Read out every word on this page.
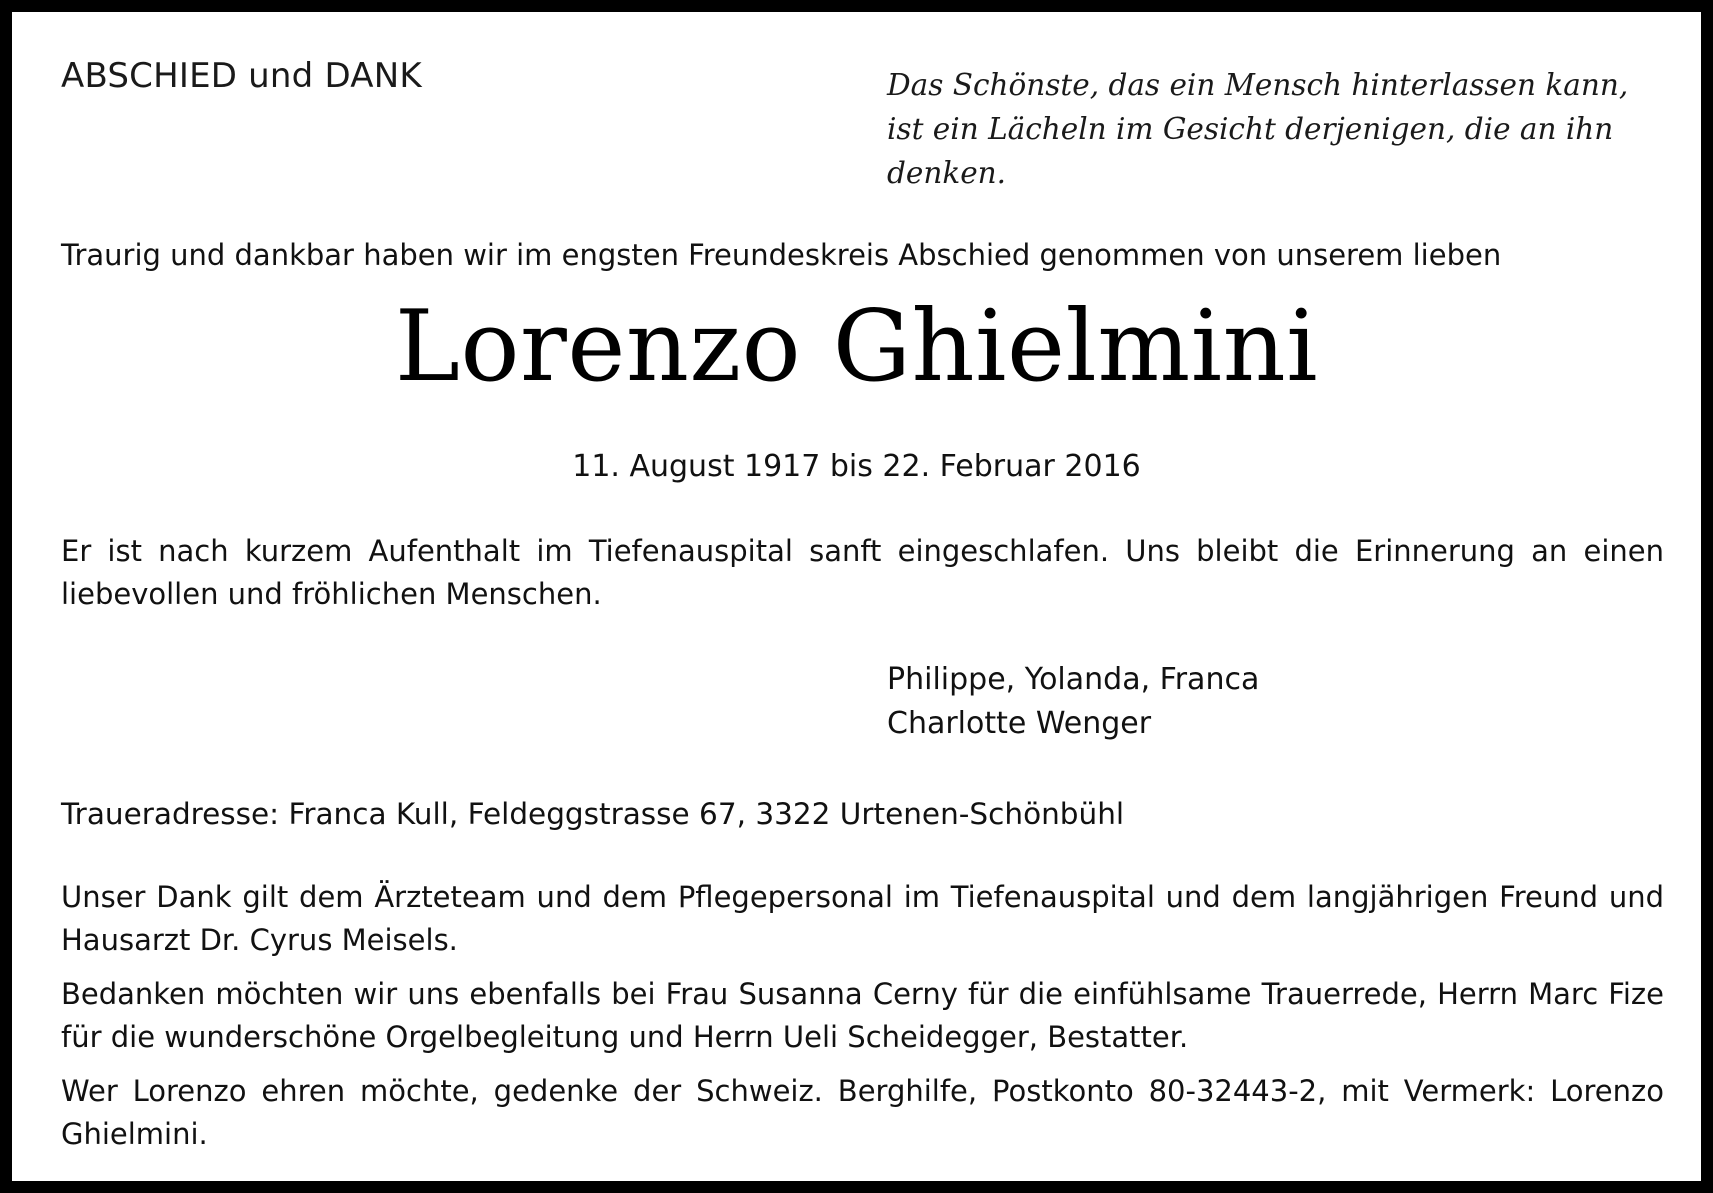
ABSCHIED und DANK	Das Schönste, das ein Mensch hinterlassen kann, ist ein Lächeln im Gesicht derjenigen, die an ihn denken.

Traurig und dankbar haben wir im engsten Freundeskreis Abschied genommen von unserem lieben

Lorenzo Ghielmini

11. August 1917 bis 22. Februar 2016

Er ist nach kurzem Aufenthalt im Tiefenauspital sanft eingeschlafen. Uns bleibt die Erinnerung an einen liebevollen und fröhlichen Menschen.

Philippe, Yolanda, Franca
Charlotte Wenger

Traueradresse: Franca Kull, Feldeggstrasse 67, 3322 Urtenen-Schönbühl

Unser Dank gilt dem Ärzteteam und dem Pflegepersonal im Tiefenauspital und dem langjährigen Freund und Hausarzt Dr. Cyrus Meisels.

Bedanken möchten wir uns ebenfalls bei Frau Susanna Cerny für die einfühlsame Trauerrede, Herrn Marc Fize für die wunderschöne Orgelbegleitung und Herrn Ueli Scheidegger, Bestatter.

Wer Lorenzo ehren möchte, gedenke der Schweiz. Berghilfe, Postkonto 80-32443-2, mit Vermerk: Lorenzo Ghielmini.
